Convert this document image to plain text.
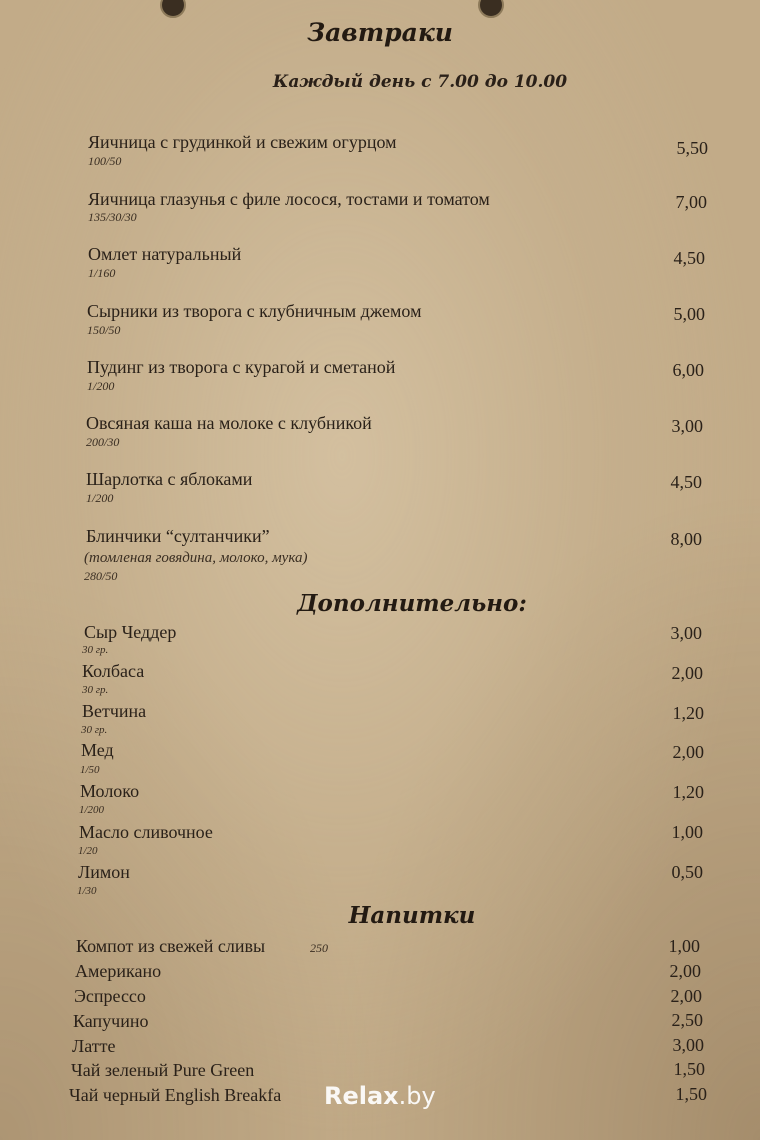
Завтраки
Каждый день с 7.00 до 10.00
Яичница с грудинкой и свежим огурцом
100/50
5,50
Яичница глазунья с филе лосося, тостами и томатом
135/30/30
7,00
Омлет натуральный
1/160
4,50
Сырники из творога с клубничным джемом
150/50
5,00
Пудинг из творога с курагой и сметаной
1/200
6,00
Овсяная каша на молоке с клубникой
200/30
3,00
Шарлотка с яблоками
1/200
4,50
Блинчики “султанчики”
(томленая говядина, молоко, мука)
280/50
8,00
Дополнительно:
Сыр Чеддер
30 гр.
3,00
Колбаса
30 гр.
2,00
Ветчина
30 гр.
1,20
Мед
1/50
2,00
Молоко
1/200
1,20
Масло сливочное
1/20
1,00
Лимон
1/30
0,50
Напитки
Компот из свежей сливы	250	1,00
Американо	2,00
Эспрессо	2,00
Капучино	2,50
Латте	3,00
Чай зеленый Pure Green	1,50
Чай черный English Breakfa	1,50
Relax.by
